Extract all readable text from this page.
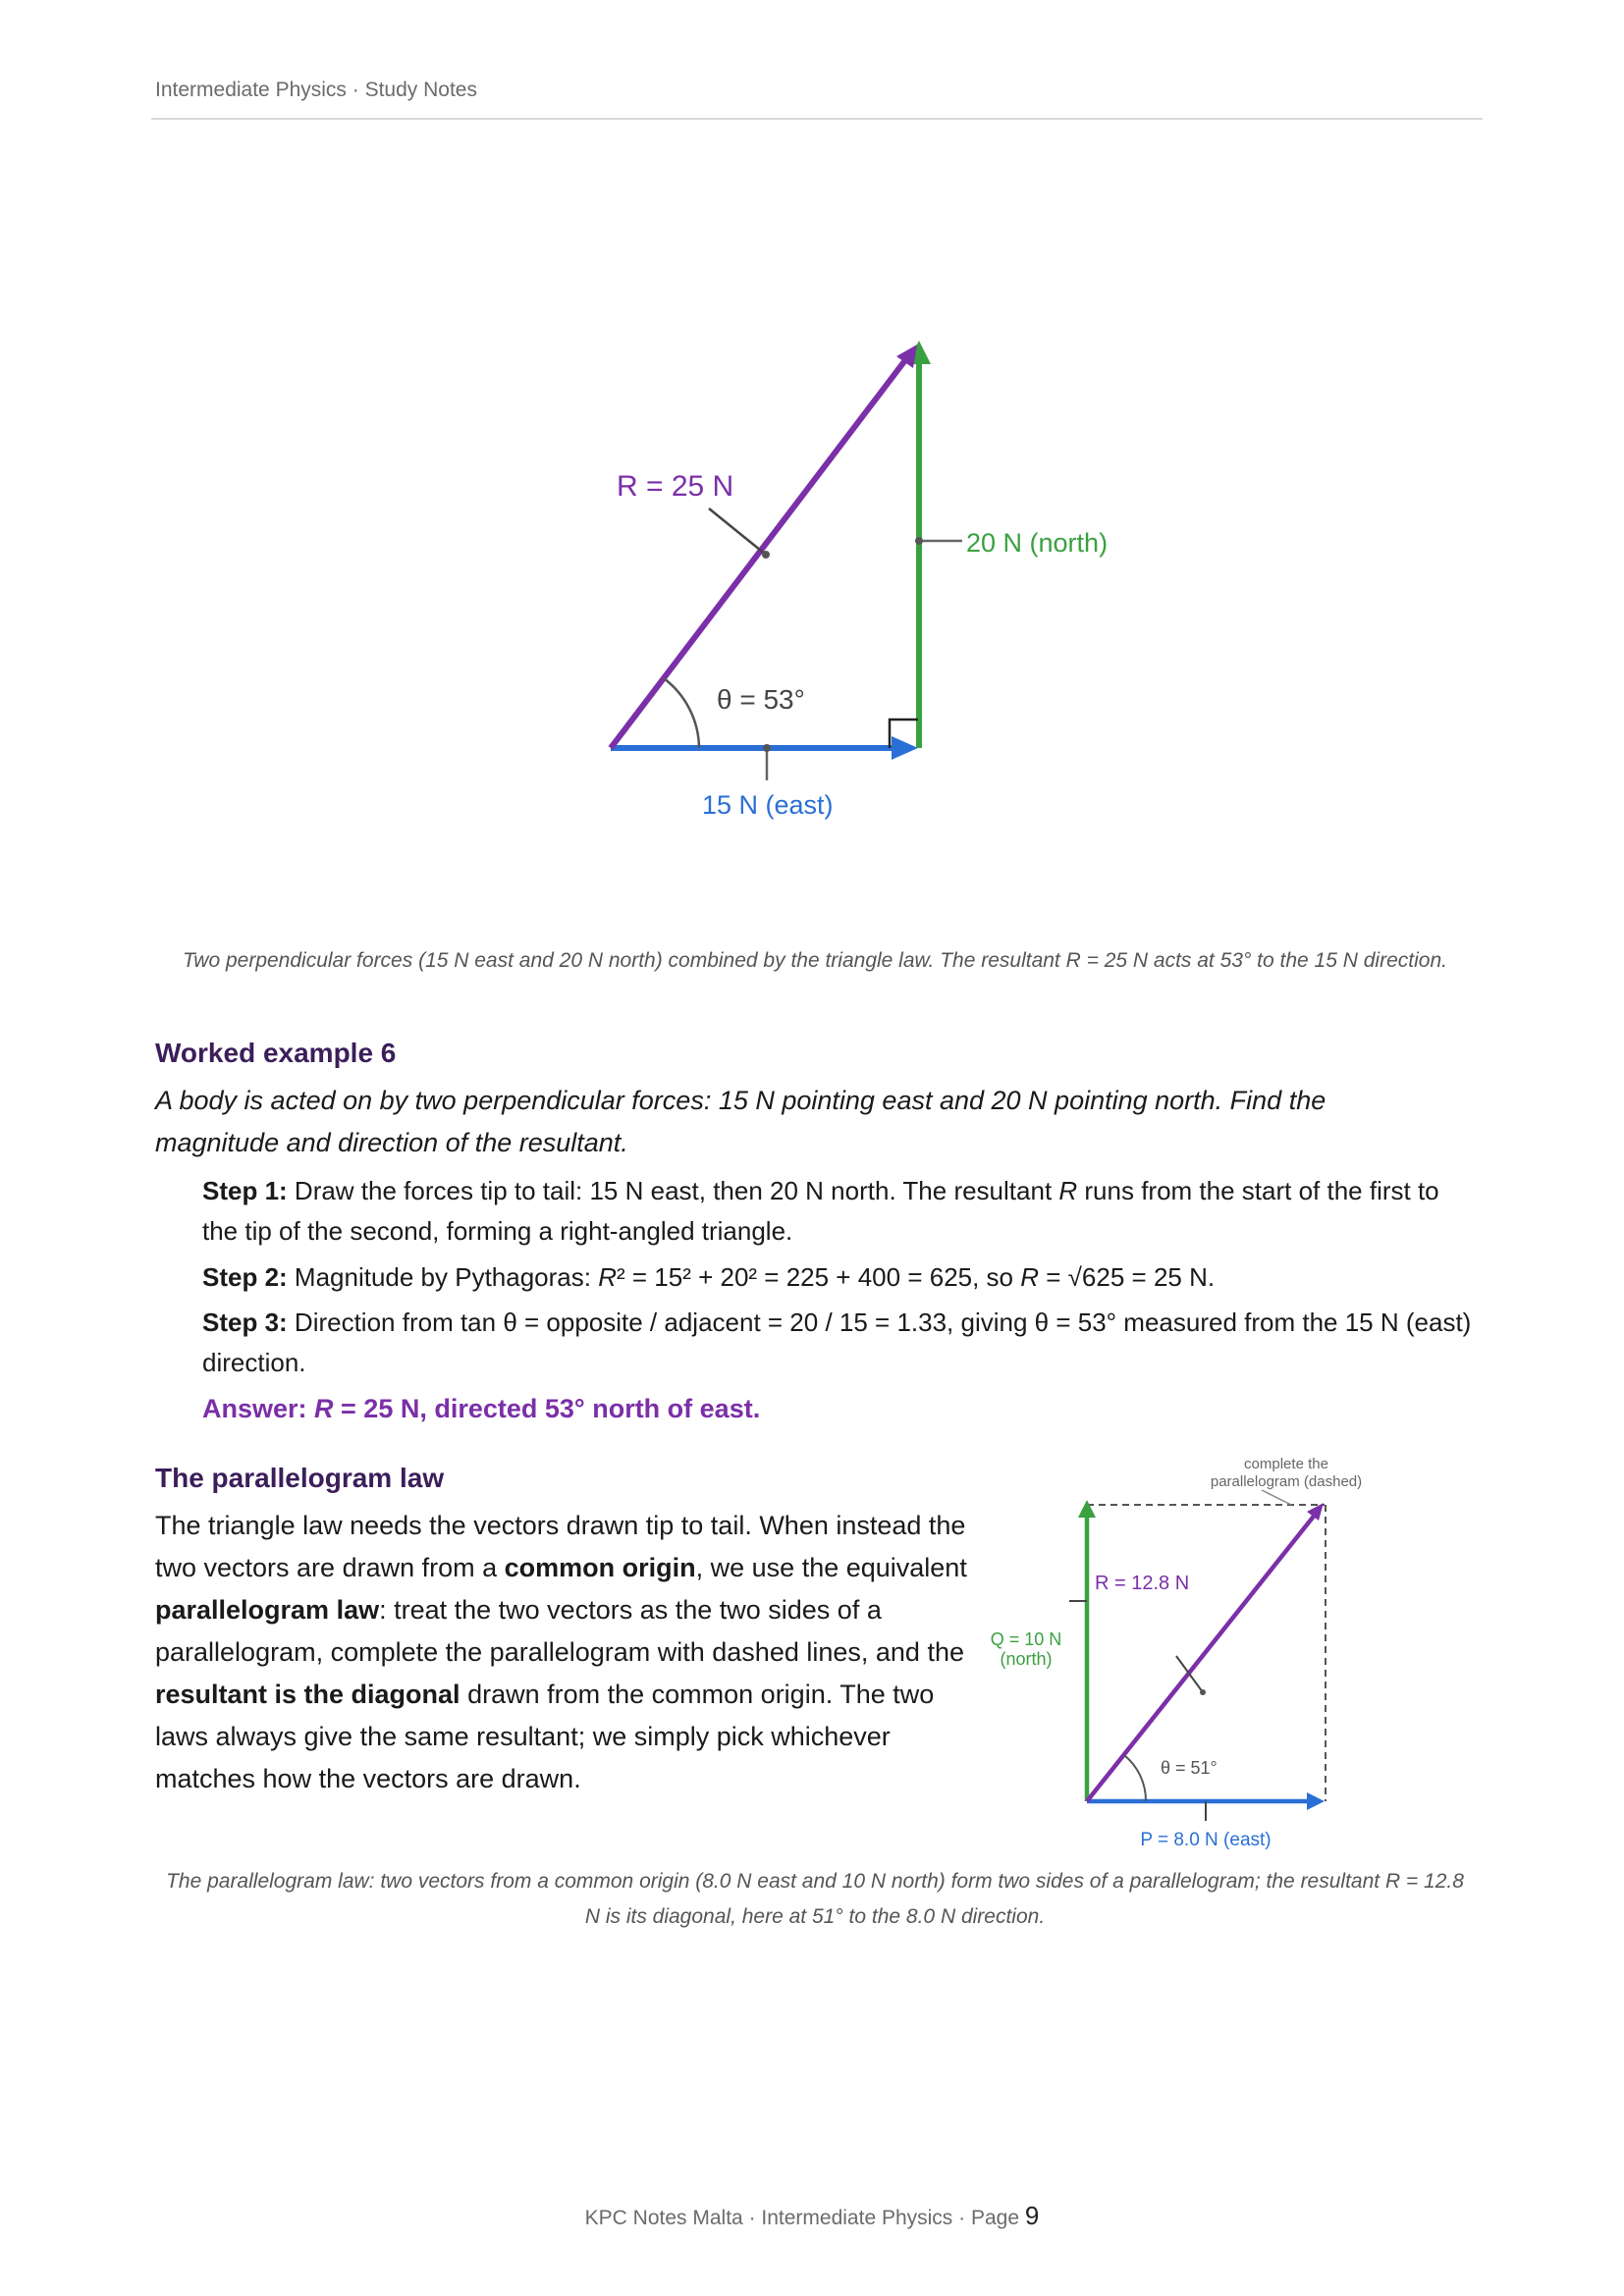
Intermediate Physics · Study Notes
R = 25 N
20 N (north)
θ = 53°
15 N (east)
Two perpendicular forces (15 N east and 20 N north) combined by the triangle law. The resultant R = 25 N acts at 53° to the 15 N direction.
Worked example 6
A body is acted on by two perpendicular forces: 15 N pointing east and 20 N pointing north. Find the magnitude and direction of the resultant.
Step 1: Draw the forces tip to tail: 15 N east, then 20 N north. The resultant R runs from the start of the first to the tip of the second, forming a right-angled triangle.
Step 2: Magnitude by Pythagoras: R² = 15² + 20² = 225 + 400 = 625, so R = √625 = 25 N.
Step 3: Direction from tan θ = opposite / adjacent = 20 / 15 = 1.33, giving θ = 53° measured from the 15 N (east) direction.
Answer: R = 25 N, directed 53° north of east.
The parallelogram law
The triangle law needs the vectors drawn tip to tail. When instead the two vectors are drawn from a common origin, we use the equivalent parallelogram law: treat the two vectors as the two sides of a parallelogram, complete the parallelogram with dashed lines, and the resultant is the diagonal drawn from the common origin. The two laws always give the same resultant; we simply pick whichever matches how the vectors are drawn.
complete the
parallelogram (dashed)
R = 12.8 N
Q = 10 N
(north)
θ = 51°
P = 8.0 N (east)
The parallelogram law: two vectors from a common origin (8.0 N east and 10 N north) form two sides of a parallelogram; the resultant R = 12.8 N is its diagonal, here at 51° to the 8.0 N direction.
KPC Notes Malta · Intermediate Physics · Page 9
